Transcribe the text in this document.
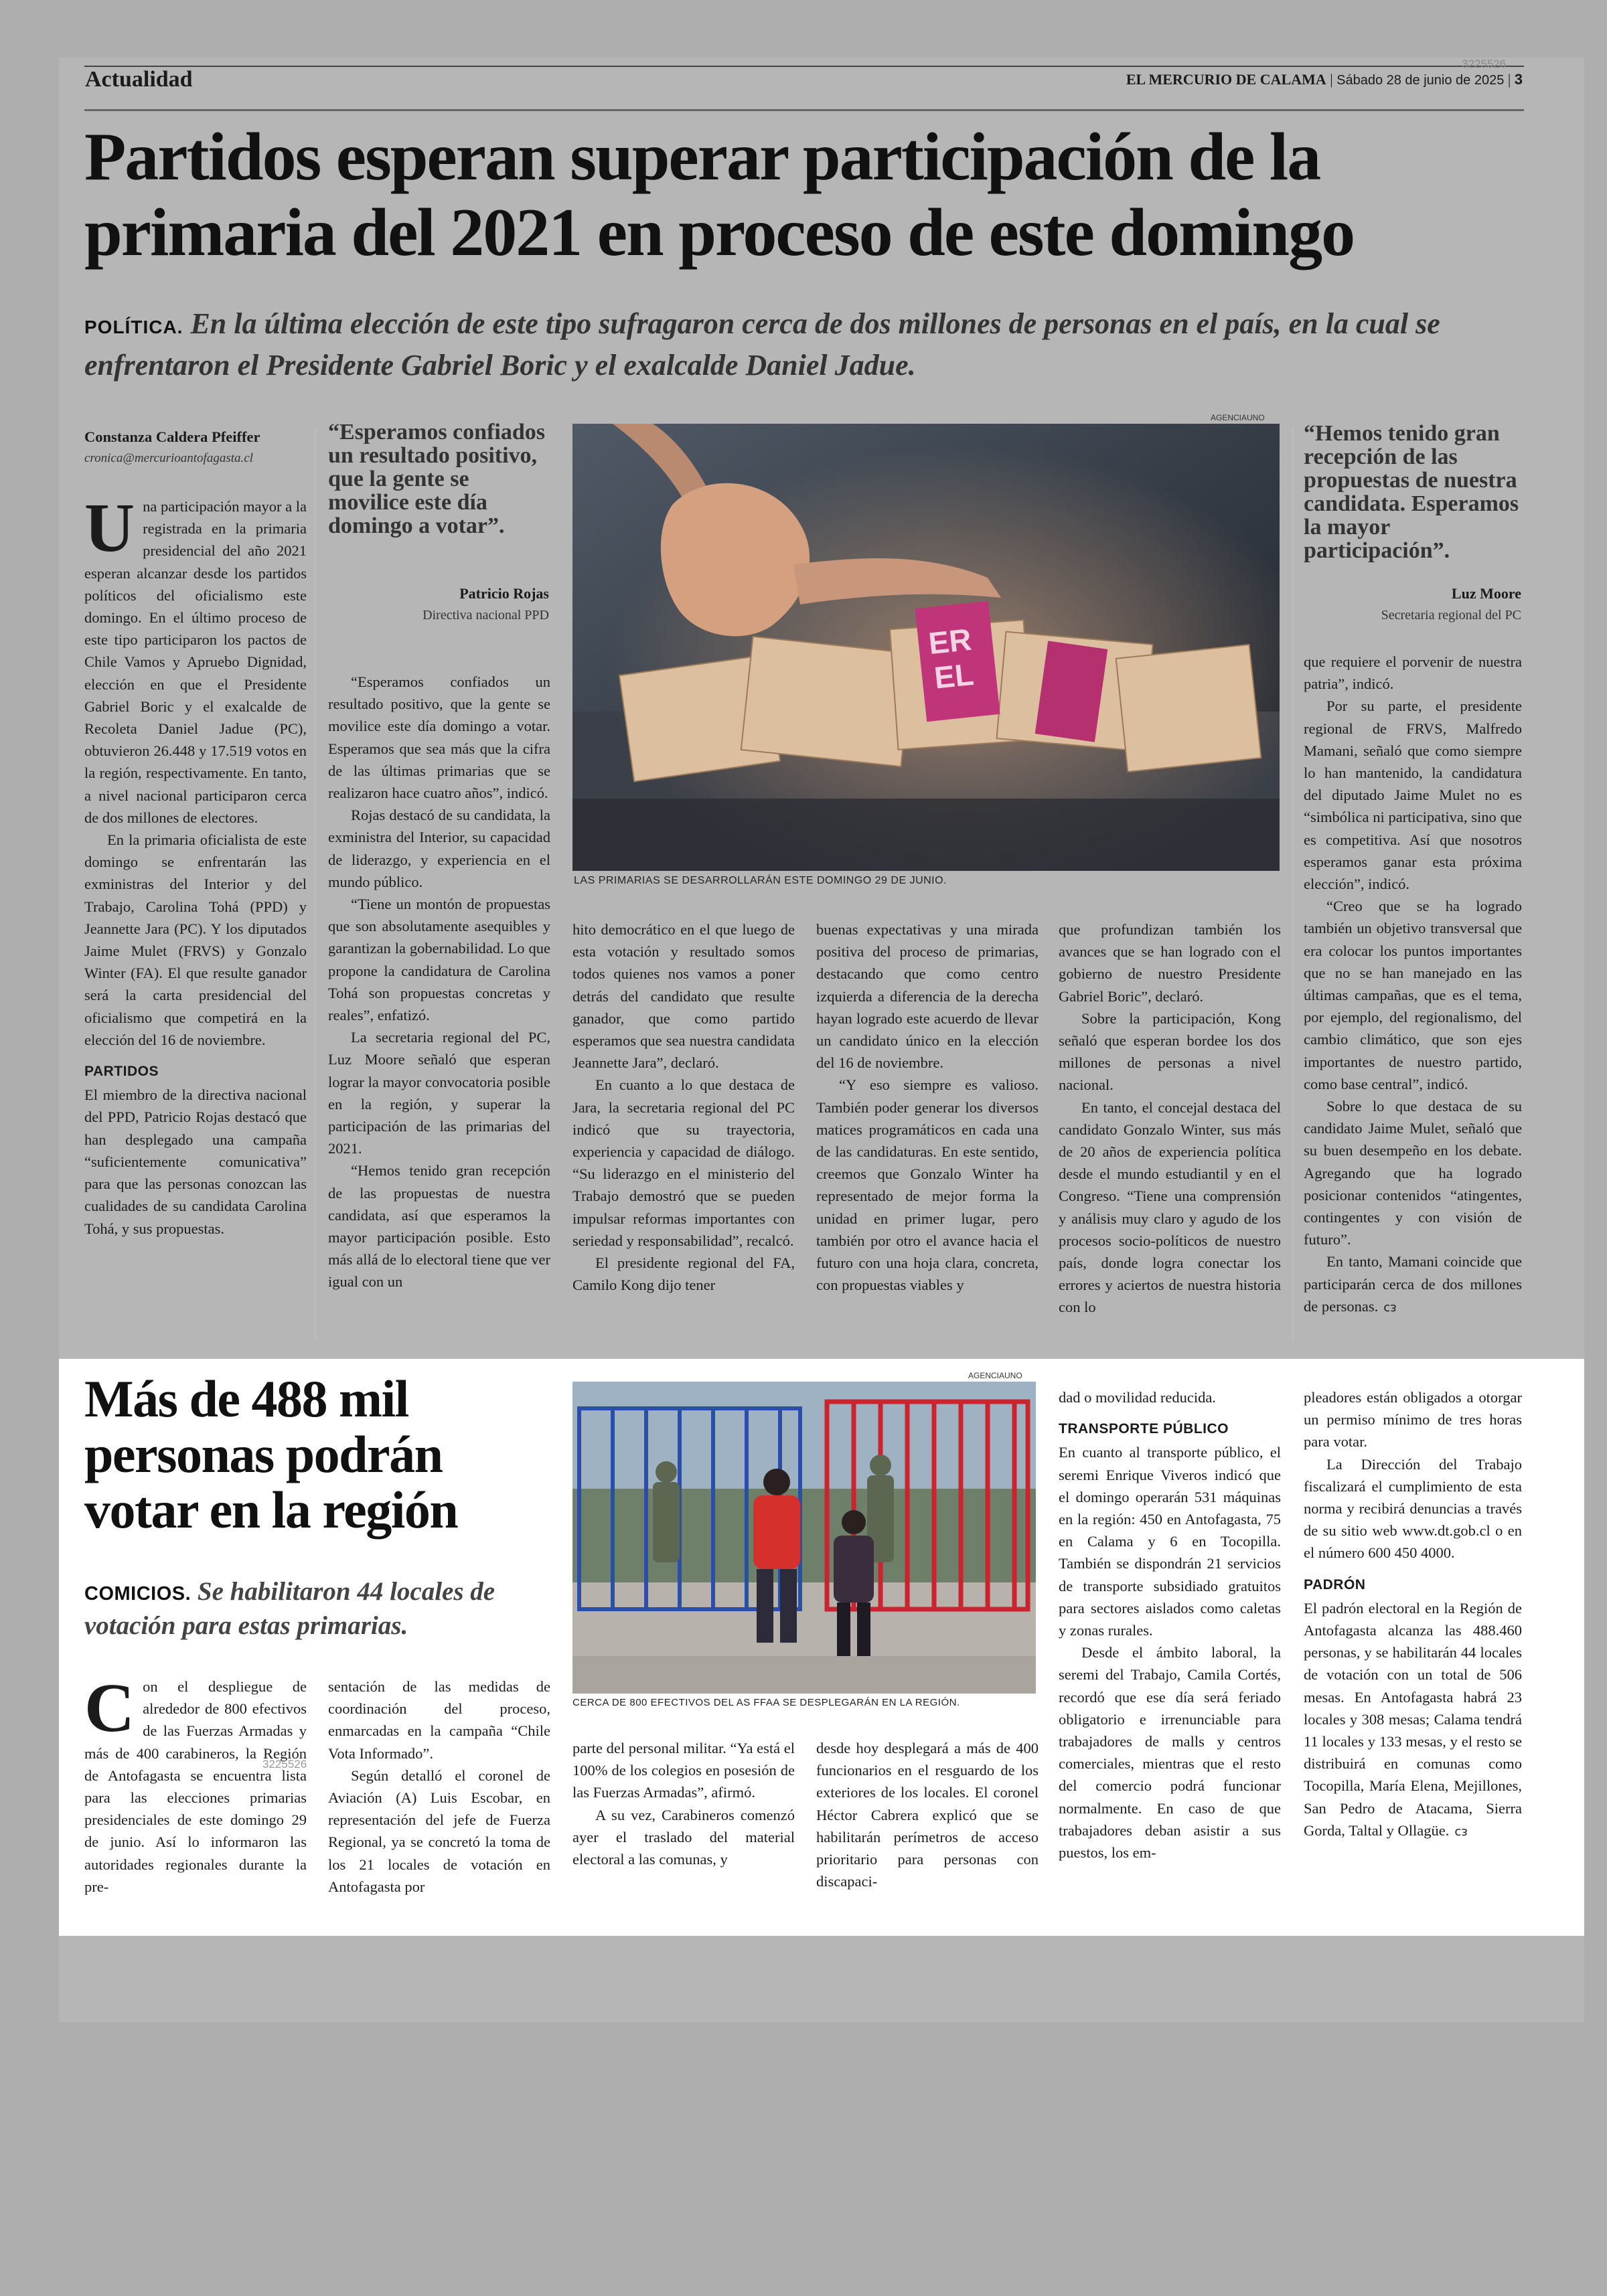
Actualidad
3225526
EL MERCURIO DE CALAMA | Sábado 28 de junio de 2025 | 3
Partidos esperan superar participación de la primaria del 2021 en proceso de este domingo
POLÍTICA. En la última elección de este tipo sufragaron cerca de dos millones de personas en el país, en la cual se enfrentaron el Presidente Gabriel Boric y el exalcalde Daniel Jadue.
Constanza Caldera Pfeiffer
cronica@mercurioantofagasta.cl

Una participación mayor a la registrada en la primaria presidencial del año 2021 esperan alcanzar desde los partidos políticos del oficialismo este domingo. En el último proceso de este tipo participaron los pactos de Chile Vamos y Apruebo Dignidad, elección en que el Presidente Gabriel Boric y el exalcalde de Recoleta Daniel Jadue (PC), obtuvieron 26.448 y 17.519 votos en la región, respectivamente. En tanto, a nivel nacional participaron cerca de dos millones de electores.

En la primaria oficialista de este domingo se enfrentarán las exministras del Interior y del Trabajo, Carolina Tohá (PPD) y Jeannette Jara (PC). Y los diputados Jaime Mulet (FRVS) y Gonzalo Winter (FA). El que resulte ganador será la carta presidencial del oficialismo que competirá en la elección del 16 de noviembre.

PARTIDOS

El miembro de la directiva nacional del PPD, Patricio Rojas destacó que han desplegado una campaña “suficientemente comunicativa” para que las personas conozcan las cualidades de su candidata Carolina Tohá, y sus propuestas.

“Esperamos confiados un resultado positivo, que la gente se movilice este día domingo a votar”.
Patricio Rojas
Directiva nacional PPD

“Esperamos confiados un resultado positivo, que la gente se movilice este día domingo a votar. Esperamos que sea más que la cifra de las últimas primarias que se realizaron hace cuatro años”, indicó.

Rojas destacó de su candidata, la exministra del Interior, su capacidad de liderazgo, y experiencia en el mundo público.

“Tiene un montón de propuestas que son absolutamente asequibles y garantizan la gobernabilidad. Lo que propone la candidatura de Carolina Tohá son propuestas concretas y reales”, enfatizó.

La secretaria regional del PC, Luz Moore señaló que esperan lograr la mayor convocatoria posible en la región, y superar la participación de las primarias del 2021.

“Hemos tenido gran recepción de las propuestas de nuestra candidata, así que esperamos la mayor participación posible. Esto más allá de lo electoral tiene que ver igual con un

AGENCIAUNO
ER
EL
LAS PRIMARIAS SE DESARROLLARÁN ESTE DOMINGO 29 DE JUNIO.

hito democrático en el que luego de esta votación y resultado somos todos quienes nos vamos a poner detrás del candidato que resulte ganador, que como partido esperamos que sea nuestra candidata Jeannette Jara”, declaró.

En cuanto a lo que destaca de Jara, la secretaria regional del PC indicó que su trayectoria, experiencia y capacidad de diálogo. “Su liderazgo en el ministerio del Trabajo demostró que se pueden impulsar reformas importantes con seriedad y responsabilidad”, recalcó.

El presidente regional del FA, Camilo Kong dijo tener

buenas expectativas y una mirada positiva del proceso de primarias, destacando que como centro izquierda a diferencia de la derecha hayan logrado este acuerdo de llevar un candidato único en la elección del 16 de noviembre.

“Y eso siempre es valioso. También poder generar los diversos matices programáticos en cada una de las candidaturas. En este sentido, creemos que Gonzalo Winter ha representado de mejor forma la unidad en primer lugar, pero también por otro el avance hacia el futuro con una hoja clara, concreta, con propuestas viables y

que profundizan también los avances que se han logrado con el gobierno de nuestro Presidente Gabriel Boric”, declaró.

Sobre la participación, Kong señaló que esperan bordee los dos millones de personas a nivel nacional.

En tanto, el concejal destaca del candidato Gonzalo Winter, sus más de 20 años de experiencia política desde el mundo estudiantil y en el Congreso. “Tiene una comprensión y análisis muy claro y agudo de los procesos socio-políticos de nuestro país, donde logra conectar los errores y aciertos de nuestra historia con lo

“Hemos tenido gran recepción de las propuestas de nuestra candidata. Esperamos la mayor participación”.
Luz Moore
Secretaria regional del PC

que requiere el porvenir de nuestra patria”, indicó.

Por su parte, el presidente regional de FRVS, Malfredo Mamani, señaló que como siempre lo han mantenido, la candidatura del diputado Jaime Mulet no es “simbólica ni participativa, sino que es competitiva. Así que nosotros esperamos ganar esta próxima elección”, indicó.

“Creo que se ha logrado también un objetivo transversal que era colocar los puntos importantes que no se han manejado en las últimas campañas, que es el tema, por ejemplo, del regionalismo, del cambio climático, que son ejes importantes de nuestro partido, como base central”, indicó.

Sobre lo que destaca de su candidato Jaime Mulet, señaló que su buen desempeño en los debate. Agregando que ha logrado posicionar contenidos “atingentes, contingentes y con visión de futuro”.

En tanto, Mamani coincide que participarán cerca de dos millones de personas. ᴄᴈ

Más de 488 mil personas podrán votar en la región
COMICIOS. Se habilitaron 44 locales de votación para estas primarias.

Con el despliegue de alrededor de 800 efectivos de las Fuerzas Armadas y más de 400 carabineros, la Región de Antofagasta se encuentra lista para las elecciones primarias presidenciales de este domingo 29 de junio. Así lo informaron las autoridades regionales durante la pre-

3225526

sentación de las medidas de coordinación del proceso, enmarcadas en la campaña “Chile Vota Informado”.

Según detalló el coronel de Aviación (A) Luis Escobar, en representación del jefe de Fuerza Regional, ya se concretó la toma de los 21 locales de votación en Antofagasta por

AGENCIAUNO
CERCA DE 800 EFECTIVOS DEL AS FFAA SE DESPLEGARÁN EN LA REGIÓN.

parte del personal militar. “Ya está el 100% de los colegios en posesión de las Fuerzas Armadas”, afirmó.

A su vez, Carabineros comenzó ayer el traslado del material electoral a las comunas, y

desde hoy desplegará a más de 400 funcionarios en el resguardo de los exteriores de los locales. El coronel Héctor Cabrera explicó que se habilitarán perímetros de acceso prioritario para personas con discapaci-

dad o movilidad reducida.

TRANSPORTE PÚBLICO

En cuanto al transporte público, el seremi Enrique Viveros indicó que el domingo operarán 531 máquinas en la región: 450 en Antofagasta, 75 en Calama y 6 en Tocopilla. También se dispondrán 21 servicios de transporte subsidiado gratuitos para sectores aislados como caletas y zonas rurales.

Desde el ámbito laboral, la seremi del Trabajo, Camila Cortés, recordó que ese día será feriado obligatorio e irrenunciable para trabajadores de malls y centros comerciales, mientras que el resto del comercio podrá funcionar normalmente. En caso de que trabajadores deban asistir a sus puestos, los em-

pleadores están obligados a otorgar un permiso mínimo de tres horas para votar.

La Dirección del Trabajo fiscalizará el cumplimiento de esta norma y recibirá denuncias a través de su sitio web www.dt.gob.cl o en el número 600 450 4000.

PADRÓN

El padrón electoral en la Región de Antofagasta alcanza las 488.460 personas, y se habilitarán 44 locales de votación con un total de 506 mesas. En Antofagasta habrá 23 locales y 308 mesas; Calama tendrá 11 locales y 133 mesas, y el resto se distribuirá en comunas como Tocopilla, María Elena, Mejillones, San Pedro de Atacama, Sierra Gorda, Taltal y Ollagüe. ᴄᴈ
